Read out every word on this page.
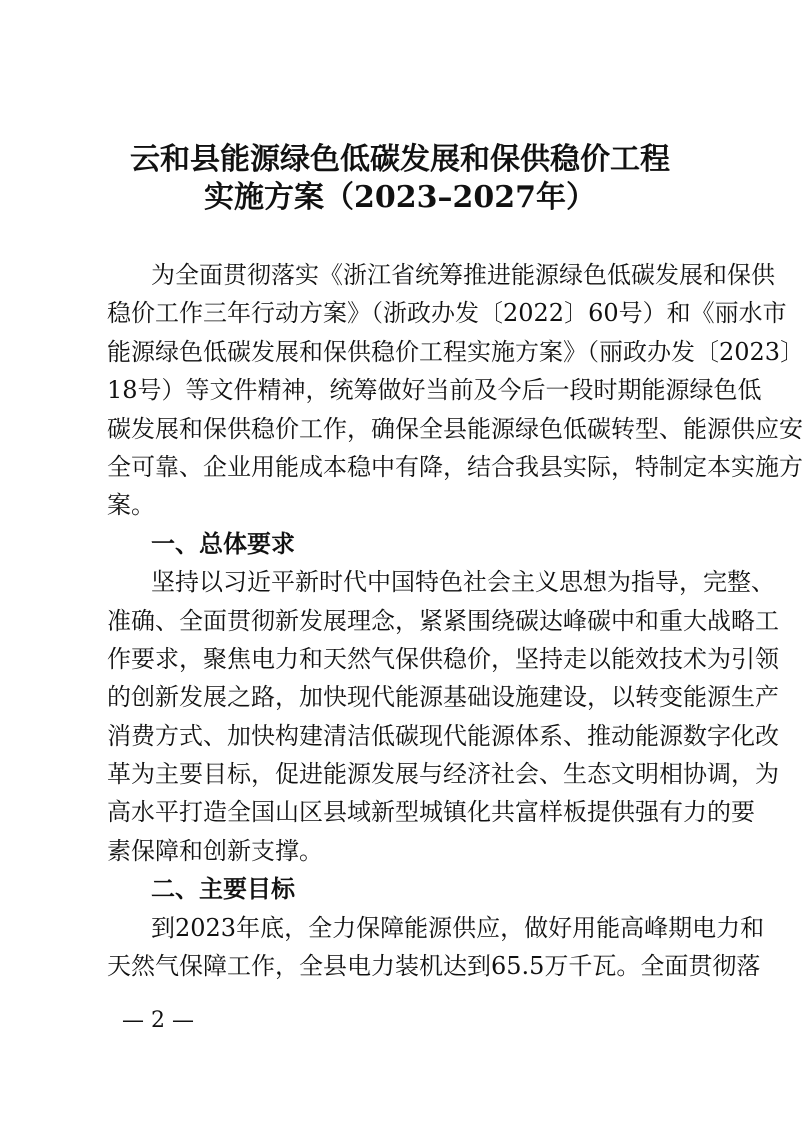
云和县能源绿色低碳发展和保供稳价工程
实施方案（2023–2027年）
为全面贯彻落实《浙江省统筹推进能源绿色低碳发展和保供
稳价工作三年行动方案》（浙政办发〔2022〕60号）和《丽水市
能源绿色低碳发展和保供稳价工程实施方案》（丽政办发〔2023〕
18号）等文件精神，统筹做好当前及今后一段时期能源绿色低
碳发展和保供稳价工作，确保全县能源绿色低碳转型、能源供应安
全可靠、企业用能成本稳中有降，结合我县实际，特制定本实施方
案。
一、总体要求
坚持以习近平新时代中国特色社会主义思想为指导，完整、
准确、全面贯彻新发展理念，紧紧围绕碳达峰碳中和重大战略工
作要求，聚焦电力和天然气保供稳价，坚持走以能效技术为引领
的创新发展之路，加快现代能源基础设施建设，以转变能源生产
消费方式、加快构建清洁低碳现代能源体系、推动能源数字化改
革为主要目标，促进能源发展与经济社会、生态文明相协调，为
高水平打造全国山区县域新型城镇化共富样板提供强有力的要
素保障和创新支撑。
二、主要目标
到2023年底，全力保障能源供应，做好用能高峰期电力和
天然气保障工作，全县电力装机达到65.5万千瓦。全面贯彻落
— 2 —
